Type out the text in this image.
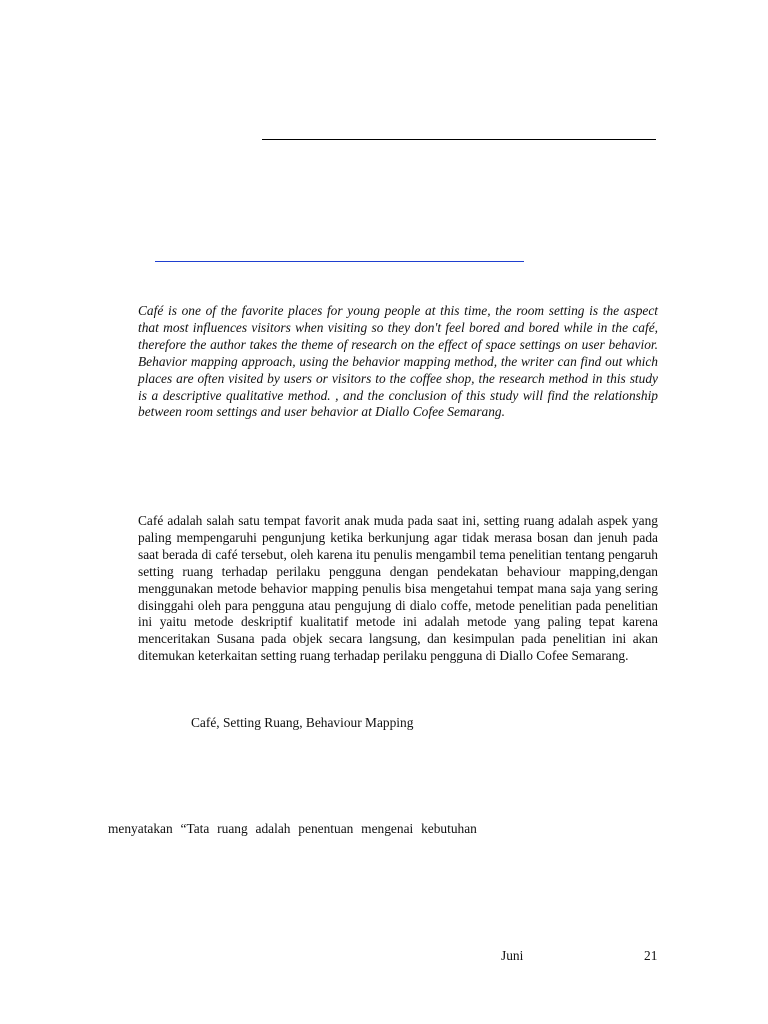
Café is one of the favorite places for young people at this time, the room setting is the aspect that most influences visitors when visiting so they don't feel bored and bored while in the café, therefore the author takes the theme of research on the effect of space settings on user behavior. Behavior mapping approach, using the behavior mapping method, the writer can find out which places are often visited by users or visitors to the coffee shop, the research method in this study is a descriptive qualitative method. , and the conclusion of this study will find the relationship between room settings and user behavior at Diallo Cofee Semarang.

Café adalah salah satu tempat favorit anak muda pada saat ini, setting ruang adalah aspek yang paling mempengaruhi pengunjung ketika berkunjung agar tidak merasa bosan dan jenuh pada saat berada di café tersebut, oleh karena itu penulis mengambil tema penelitian tentang pengaruh setting ruang terhadap perilaku pengguna dengan pendekatan behaviour mapping,dengan menggunakan metode behavior mapping penulis bisa mengetahui tempat mana saja yang sering disinggahi oleh para pengguna atau pengujung di dialo coffe, metode penelitian pada penelitian ini yaitu metode deskriptif kualitatif metode ini adalah metode yang paling tepat karena menceritakan Susana pada objek secara langsung, dan kesimpulan pada penelitian ini akan ditemukan keterkaitan setting ruang terhadap perilaku pengguna di Diallo Cofee Semarang.

Café, Setting Ruang, Behaviour Mapping

menyatakan “Tata ruang adalah penentuan mengenai kebutuhan

Juni	21
